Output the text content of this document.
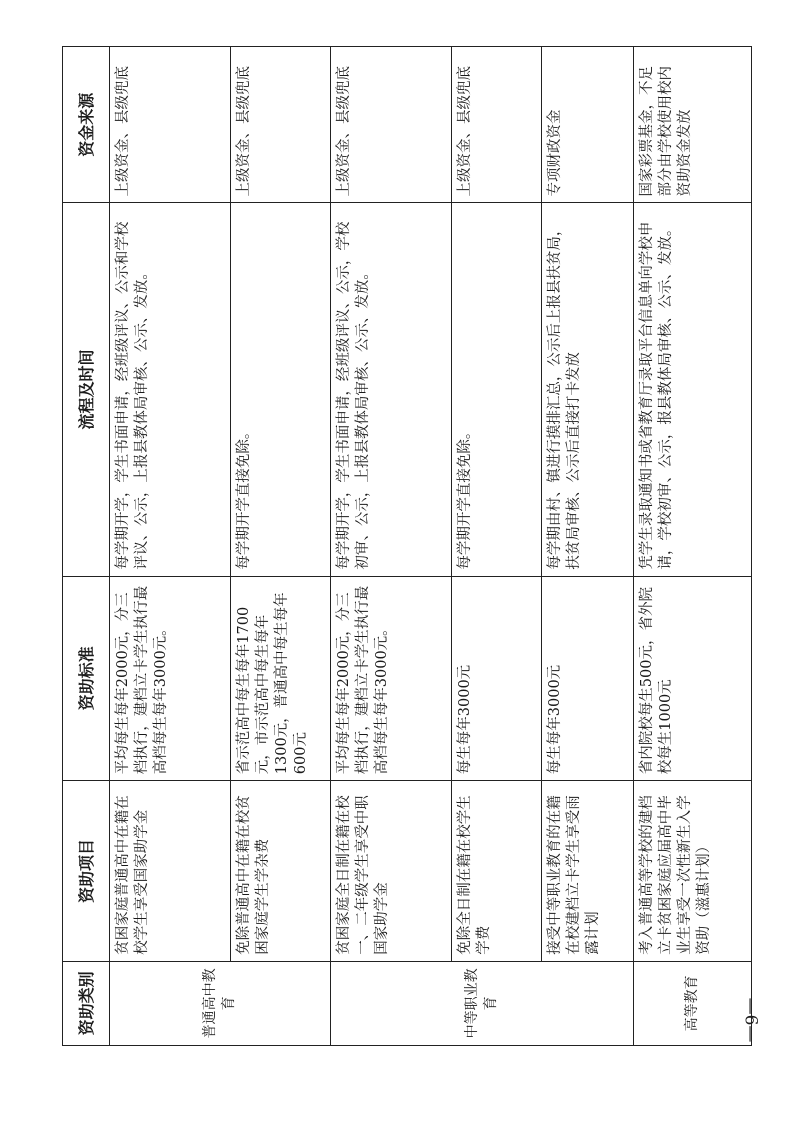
资助类别	资助项目	资助标准	流程及时间	资金来源
普通高中教育	贫困家庭普通高中在籍在校学生享受国家助学金	平均每生每年2000元，分三档执行，建档立卡学生执行最高档每生每年3000元。	每学期开学，学生书面申请，经班级评议、公示和学校评议、公示，上报县教体局审核、公示、发放。	上级资金、县级兜底
	免除普通高中在籍在校贫困家庭学生学杂费	省示范高中每生每年1700元，市示范高中每生每年1300元，普通高中每生每年600元	每学期开学直接免除。	上级资金、县级兜底
中等职业教育	贫困家庭全日制在籍在校一、二年级学生享受中职国家助学金	平均每生每年2000元，分三档执行，建档立卡学生执行最高档每生每年3000元。	每学期开学，学生书面申请，经班级评议、公示，学校初审、公示，上报县教体局审核、公示、发放。	上级资金、县级兜底
	免除全日制在籍在校学生学费	每生每年3000元	每学期开学直接免除。	上级资金、县级兜底
	接受中等职业教育的在籍在校建档立卡学生享受雨露计划	每生每年3000元	每学期由村、镇进行摸排汇总，公示后上报县扶贫局，扶贫局审核、公示后直接打卡发放	专项财政资金
高等教育	考入普通高等学校的建档立卡贫困家庭应届高中毕业生享受一次性新生入学资助（滋惠计划）	省内院校每生500元，省外院校每生1000元	凭学生录取通知书或省教育厅录取平台信息单向学校申请，学校初审、公示，报县教体局审核、公示、发放。	国家彩票基金，不足部分由学校使用校内资助资金发放
—6—
